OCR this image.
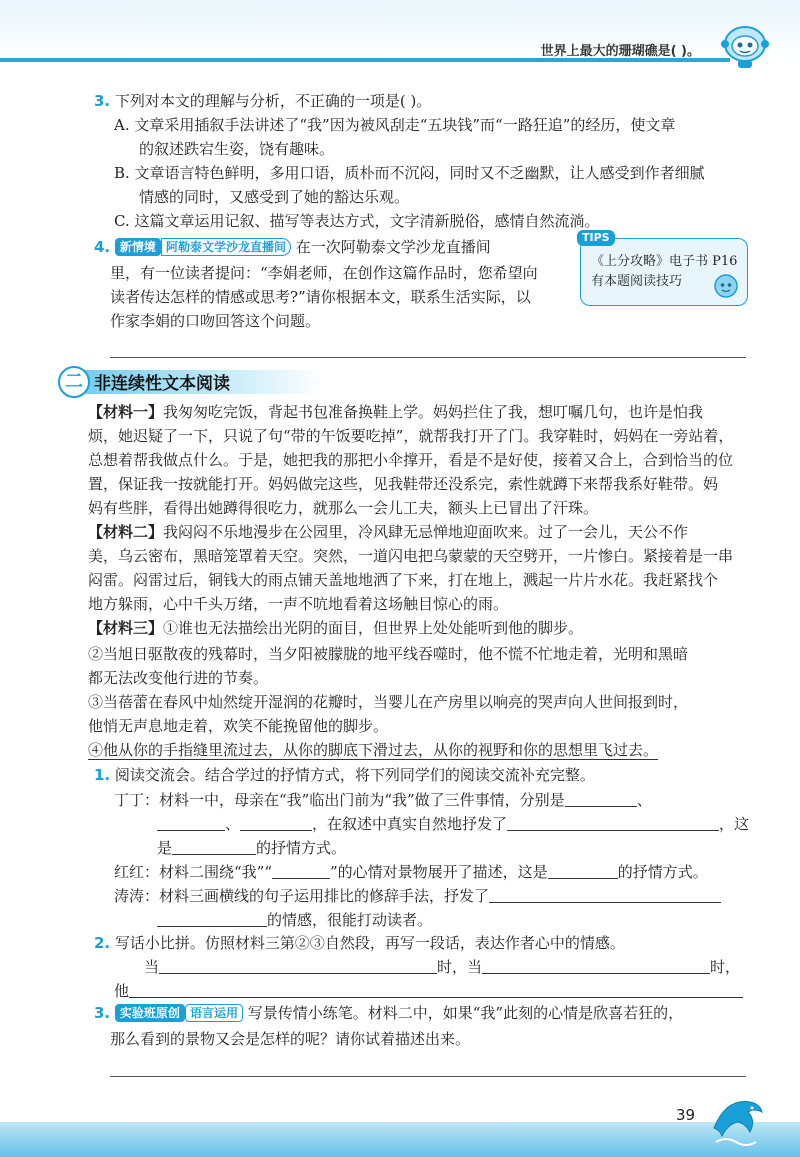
世界上最大的珊瑚礁是( )。
3. 下列对本文的理解与分析，不正确的一项是( )。
A. 文章采用插叙手法讲述了“我”因为被风刮走“五块钱”而“一路狂追”的经历，使文章
的叙述跌宕生姿，饶有趣味。
B. 文章语言特色鲜明，多用口语，质朴而不沉闷，同时又不乏幽默，让人感受到作者细腻
情感的同时，又感受到了她的豁达乐观。
C. 这篇文章运用记叙、描写等表达方式，文字清新脱俗，感情自然流淌。
4. 新情境 阿勒泰文学沙龙直播间 在一次阿勒泰文学沙龙直播间
里，有一位读者提问：“李娟老师，在创作这篇作品时，您希望向
读者传达怎样的情感或思考?”请你根据本文，联系生活实际，以
作家李娟的口吻回答这个问题。
TIPS
《上分攻略》电子书 P16
有本题阅读技巧
二 非连续性文本阅读
【材料一】我匆匆吃完饭，背起书包准备换鞋上学。妈妈拦住了我，想叮嘱几句，也许是怕我
烦，她迟疑了一下，只说了句“带的午饭要吃掉”，就帮我打开了门。我穿鞋时，妈妈在一旁站着，
总想着帮我做点什么。于是，她把我的那把小伞撑开，看是不是好使，接着又合上，合到恰当的位
置，保证我一按就能打开。妈妈做完这些，见我鞋带还没系完，索性就蹲下来帮我系好鞋带。妈
妈有些胖，看得出她蹲得很吃力，就那么一会儿工夫，额头上已冒出了汗珠。
【材料二】我闷闷不乐地漫步在公园里，冷风肆无忌惮地迎面吹来。过了一会儿，天公不作
美，乌云密布，黑暗笼罩着天空。突然，一道闪电把乌蒙蒙的天空劈开，一片惨白。紧接着是一串
闷雷。闷雷过后，铜钱大的雨点铺天盖地地洒了下来，打在地上，溅起一片片水花。我赶紧找个
地方躲雨，心中千头万绪，一声不吭地看着这场触目惊心的雨。
【材料三】①谁也无法描绘出光阴的面目，但世界上处处能听到他的脚步。
②当旭日驱散夜的残幕时，当夕阳被朦胧的地平线吞噬时，他不慌不忙地走着，光明和黑暗
都无法改变他行进的节奏。
③当蓓蕾在春风中灿然绽开湿润的花瓣时，当婴儿在产房里以响亮的哭声向人世间报到时，
他悄无声息地走着，欢笑不能挽留他的脚步。
④他从你的手指缝里流过去，从你的脚底下滑过去，从你的视野和你的思想里飞过去。
1. 阅读交流会。结合学过的抒情方式，将下列同学们的阅读交流补充完整。
丁丁：材料一中，母亲在“我”临出门前为“我”做了三件事情，分别是	、
、	，在叙述中真实自然地抒发了	，这
是	的抒情方式。
红红：材料二围绕“我”“	”的心情对景物展开了描述，这是	的抒情方式。
涛涛：材料三画横线的句子运用排比的修辞手法，抒发了
的情感，很能打动读者。
2. 写话小比拼。仿照材料三第②③自然段，再写一段话，表达作者心中的情感。
当	时，当	时，
他
3. 实验班原创 语言运用 写景传情小练笔。材料二中，如果“我”此刻的心情是欣喜若狂的，
那么看到的景物又会是怎样的呢？请你试着描述出来。
39
